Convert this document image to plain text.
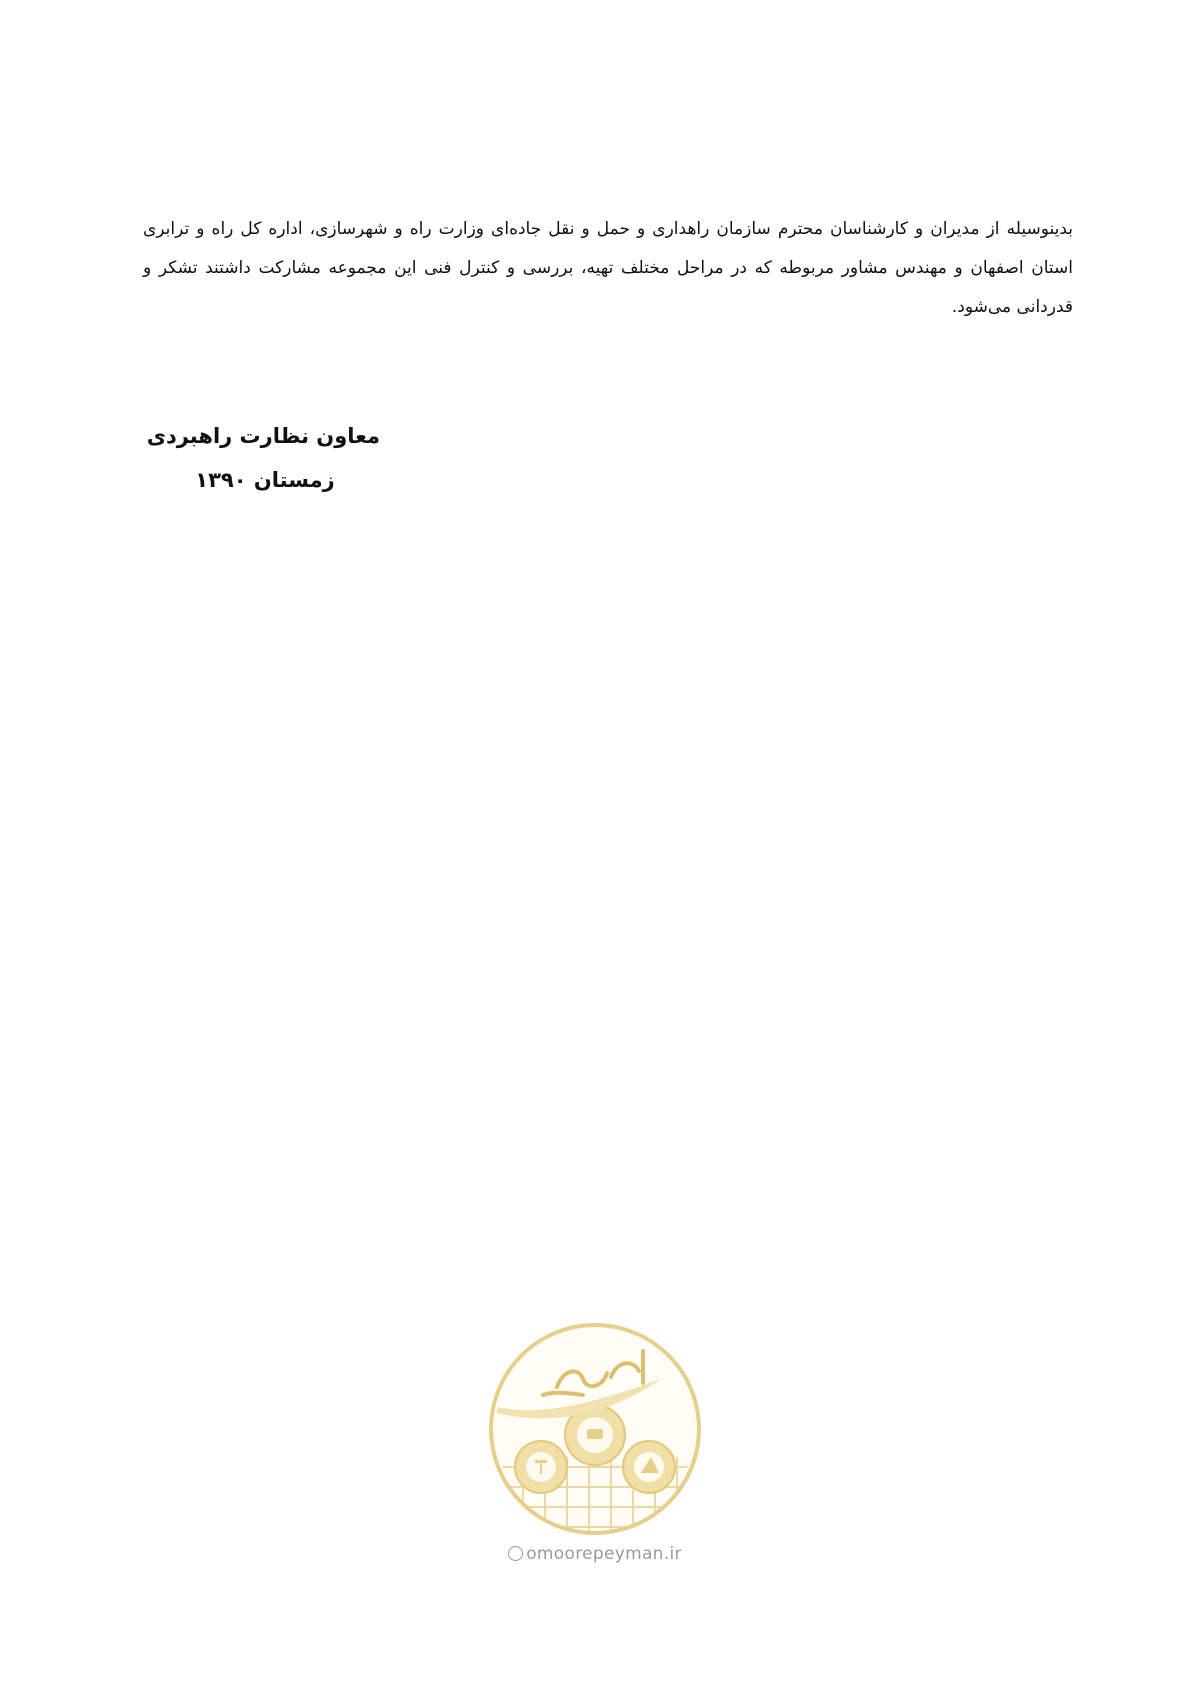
بدینوسیله از مدیران و کارشناسان محترم سازمان راهداری و حمل و نقل جاده‌ای وزارت راه و شهرسازی، اداره کل راه و ترابری استان اصفهان و مهندس مشاور مربوطه که در مراحل مختلف تهیه، بررسی و کنترل فنی این مجموعه مشارکت داشتند تشکر و قدردانی می‌شود.

معاون نظارت راهبردی
زمستان ۱۳۹۰
omoorepeyman.ir
